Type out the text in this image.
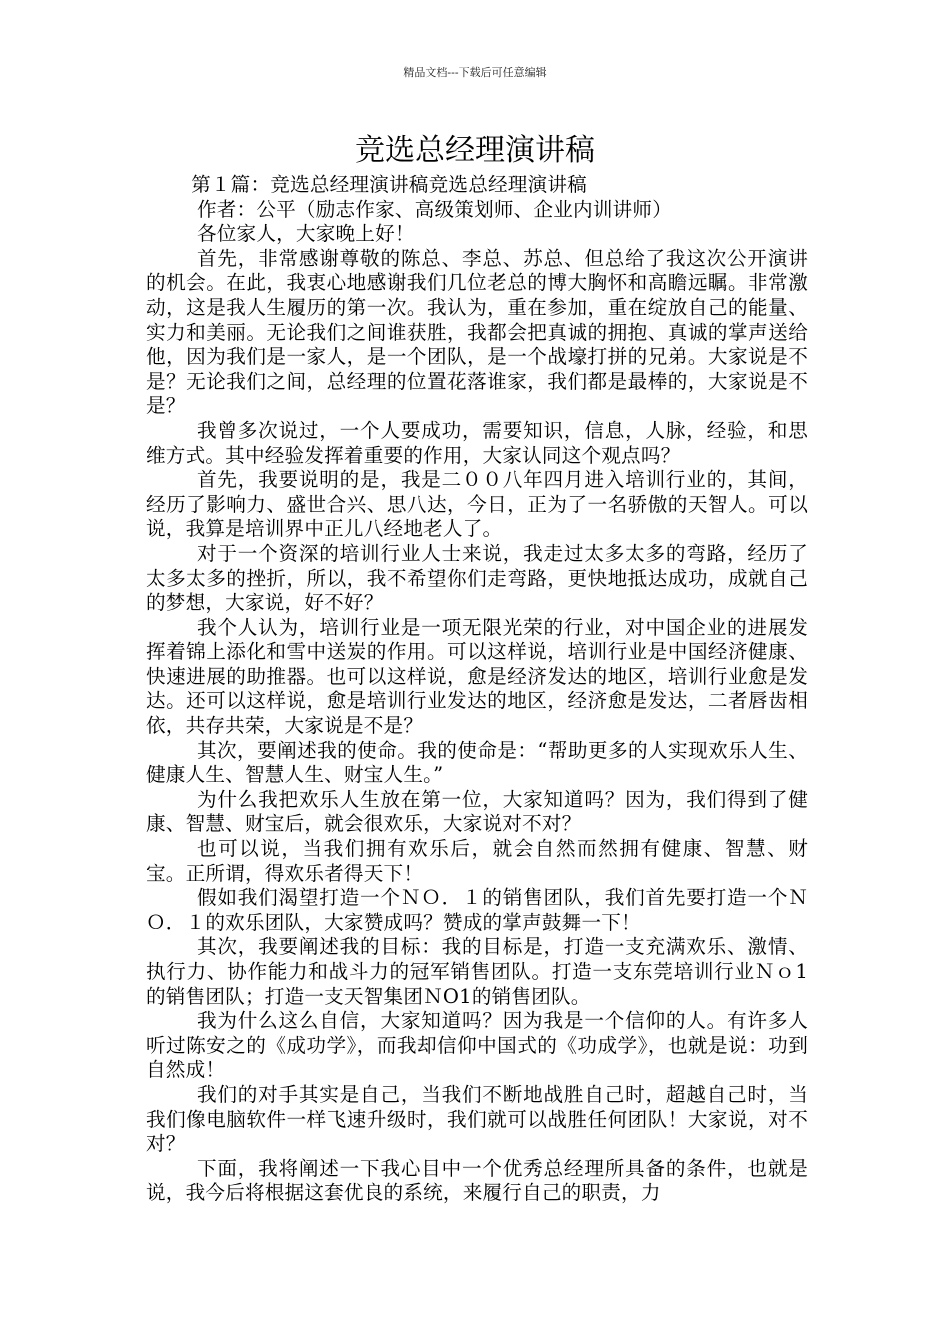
精品文档---下载后可任意编辑
竞选总经理演讲稿

第１篇：竞选总经理演讲稿竞选总经理演讲稿

作者：公平（励志作家、高级策划师、企业内训讲师）

各位家人，大家晚上好！

首先，非常感谢尊敬的陈总、李总、苏总、但总给了我这次公开演讲的机会。在此，我衷心地感谢我们几位老总的博大胸怀和高瞻远瞩。非常激动，这是我人生履历的第一次。我认为，重在参加，重在绽放自己的能量、实力和美丽。无论我们之间谁获胜，我都会把真诚的拥抱、真诚的掌声送给他，因为我们是一家人，是一个团队，是一个战壕打拼的兄弟。大家说是不是？无论我们之间，总经理的位置花落谁家，我们都是最棒的，大家说是不是？

我曾多次说过，一个人要成功，需要知识，信息，人脉，经验，和思维方式。其中经验发挥着重要的作用，大家认同这个观点吗？

首先，我要说明的是，我是二００八年四月进入培训行业的，其间，经历了影响力、盛世合兴、思八达，今日，正为了一名骄傲的天智人。可以说，我算是培训界中正儿八经地老人了。

对于一个资深的培训行业人士来说，我走过太多太多的弯路，经历了太多太多的挫折，所以，我不希望你们走弯路，更快地抵达成功，成就自己的梦想，大家说，好不好？

我个人认为，培训行业是一项无限光荣的行业，对中国企业的进展发挥着锦上添化和雪中送炭的作用。可以这样说，培训行业是中国经济健康、快速进展的助推器。也可以这样说，愈是经济发达的地区，培训行业愈是发达。还可以这样说，愈是培训行业发达的地区，经济愈是发达，二者唇齿相依，共存共荣，大家说是不是？

其次，要阐述我的使命。我的使命是：“帮助更多的人实现欢乐人生、健康人生、智慧人生、财宝人生。”

为什么我把欢乐人生放在第一位，大家知道吗？因为，我们得到了健康、智慧、财宝后，就会很欢乐，大家说对不对？

也可以说，当我们拥有欢乐后，就会自然而然拥有健康、智慧、财宝。正所谓，得欢乐者得天下！

假如我们渴望打造一个ＮＯ．１的销售团队，我们首先要打造一个ＮＯ．１的欢乐团队，大家赞成吗？赞成的掌声鼓舞一下！

其次，我要阐述我的目标：我的目标是，打造一支充满欢乐、激情、执行力、协作能力和战斗力的冠军销售团队。打造一支东莞培训行业Ｎｏ1的销售团队；打造一支天智集团ＮO1的销售团队。

我为什么这么自信，大家知道吗？因为我是一个信仰的人。有许多人听过陈安之的《成功学》，而我却信仰中国式的《功成学》，也就是说：功到自然成！

我们的对手其实是自己，当我们不断地战胜自己时，超越自己时，当我们像电脑软件一样飞速升级时，我们就可以战胜任何团队！大家说，对不对？

下面，我将阐述一下我心目中一个优秀总经理所具备的条件，也就是说，我今后将根据这套优良的系统，来履行自己的职责，力
